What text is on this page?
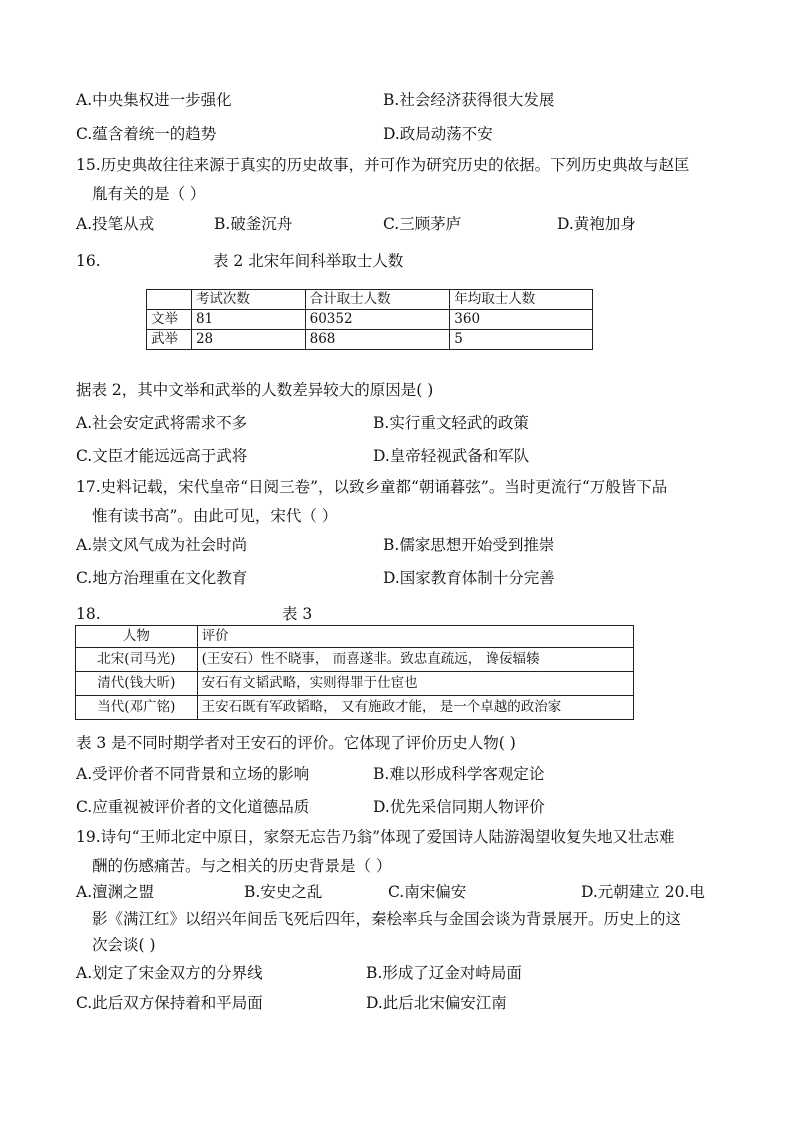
A.中央集权进一步强化	B.社会经济获得很大发展
C.蕴含着统一的趋势	D.政局动荡不安
15.历史典故往往来源于真实的历史故事，并可作为研究历史的依据。下列历史典故与赵匡
胤有关的是（ ）
A.投笔从戎	B.破釜沉舟	C.三顾茅庐	D.黄袍加身
16.	表 2 北宋年间科举取士人数
	考试次数	合计取士人数	年均取士人数
文举	81	60352	360
武举	28	868	5
据表 2，其中文举和武举的人数差异较大的原因是( )
A.社会安定武将需求不多	B.实行重文轻武的政策
C.文臣才能远远高于武将	D.皇帝轻视武备和军队
17.史料记载，宋代皇帝“日阅三卷”，以致乡童都“朝诵暮弦”。当时更流行“万般皆下品
惟有读书高”。由此可见，宋代（ ）
A.崇文风气成为社会时尚	B.儒家思想开始受到推崇
C.地方治理重在文化教育	D.国家教育体制十分完善
18.	表 3
人物	评价
北宋(司马光)	(王安石）性不晓事， 而喜遂非。致忠直疏远， 谗佞辐辏
清代(钱大昕)	安石有文韬武略，实则得罪于仕宦也
当代(邓广铭)	王安石既有军政韬略， 又有施政才能， 是一个卓越的政治家
表 3 是不同时期学者对王安石的评价。它体现了评价历史人物( )
A.受评价者不同背景和立场的影响	B.难以形成科学客观定论
C.应重视被评价者的文化道德品质	D.优先采信同期人物评价
19.诗句“王师北定中原日，家祭无忘告乃翁”体现了爱国诗人陆游渴望收复失地又壮志难
酬的伤感痛苦。与之相关的历史背景是（ ）
A.澶渊之盟	B.安史之乱	C.南宋偏安	D.元朝建立 20.电
影《满江红》以绍兴年间岳飞死后四年，秦桧率兵与金国会谈为背景展开。历史上的这
次会谈( )
A.划定了宋金双方的分界线	B.形成了辽金对峙局面
C.此后双方保持着和平局面	D.此后北宋偏安江南
